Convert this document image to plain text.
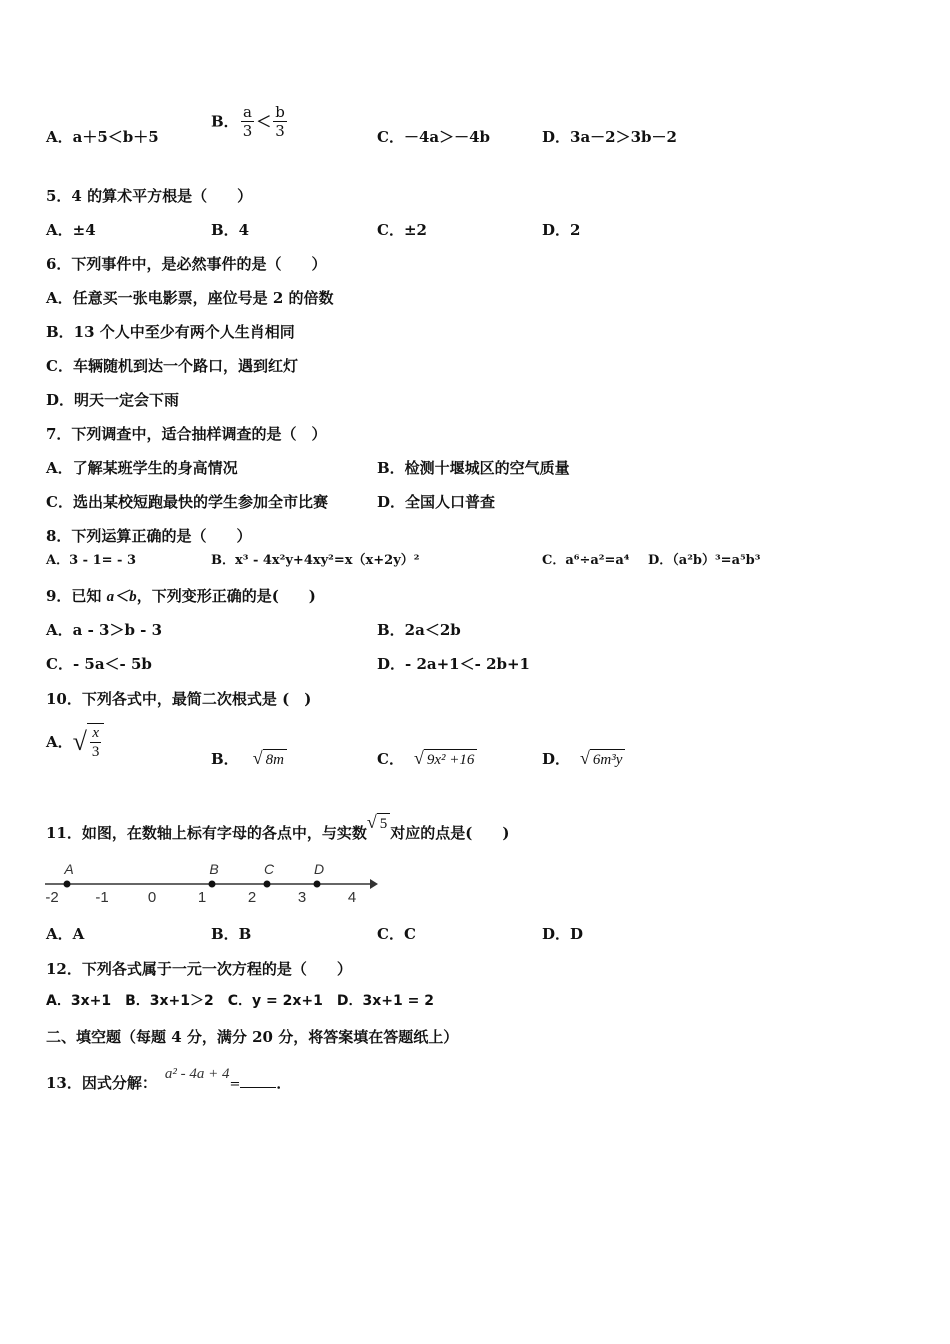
A．a＋5＜b＋5
B． $\frac{a}{3} < \frac{b}{3}$	C．－4a＞－4b	D．3a－2＞3b－2
5．4 的算术平方根是（　　）
A．±4	B．4	C．±2	D．2
6．下列事件中，是必然事件的是（　　）
A．任意买一张电影票，座位号是 2 的倍数
B．13 个人中至少有两个人生肖相同
C．车辆随机到达一个路口，遇到红灯
D．明天一定会下雨
7．下列调查中，适合抽样调查的是（　）
A．了解某班学生的身高情况	B．检测十堰城区的空气质量
C．选出某校短跑最快的学生参加全市比赛	D．全国人口普查
8．下列运算正确的是（　　）
A．3 - 1= - 3	B．x³ - 4x²y+4xy²=x（x+2y）²	C．a⁶÷a²=a⁴ D．（a²b）³=a⁵b³
9．已知 a＜b，下列变形正确的是(　　)
A．a - 3＞b - 3	B．2a＜2b
C．- 5a＜- 5b	D．- 2a+1＜- 2b+1
10．下列各式中，最简二次根式是 (　)
A．√ $\frac{x}{3}$	B． √ 8m	C． √ 9x² +16	D． √ 6m³y
11．如图，在数轴上标有字母的各点中，与实数√ 5 对应的点是(　　)
-2 -1	0	1	2	3	4
A	B	C	D
A．A	B．B	C．C	D．D
12．下列各式属于一元一次方程的是（　　）
A．3x+1　B．3x+1＞2　C．y = 2x+1　D．3x+1 = 2
二、填空题（每题 4 分，满分 20 分，将答案填在答题纸上）
13．因式分解： a² - 4a + 4= ．
